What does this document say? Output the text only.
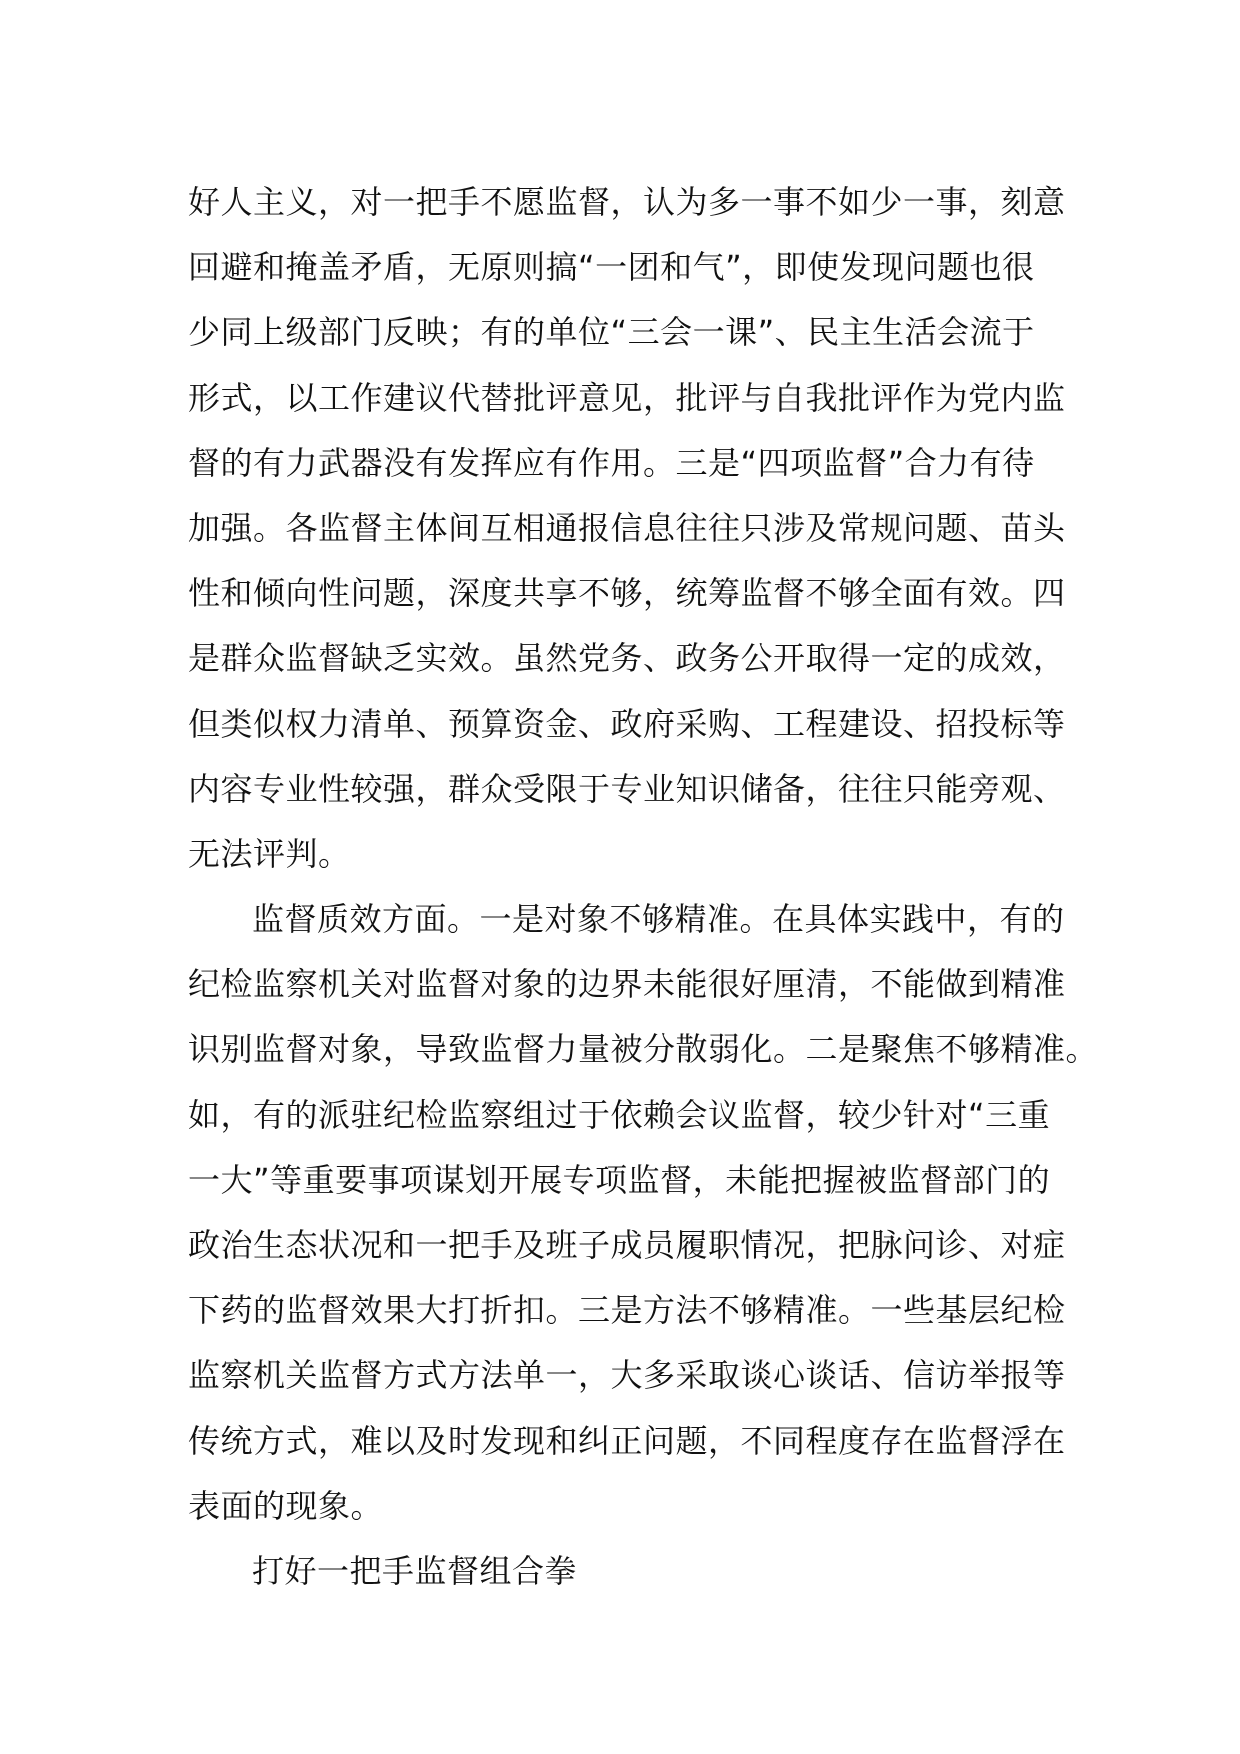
好人主义，对一把手不愿监督，认为多一事不如少一事，刻意
回避和掩盖矛盾，无原则搞“一团和气”，即使发现问题也很
少同上级部门反映；有的单位“三会一课”、民主生活会流于
形式，以工作建议代替批评意见，批评与自我批评作为党内监
督的有力武器没有发挥应有作用。三是“四项监督”合力有待
加强。各监督主体间互相通报信息往往只涉及常规问题、苗头
性和倾向性问题，深度共享不够，统筹监督不够全面有效。四
是群众监督缺乏实效。虽然党务、政务公开取得一定的成效，
但类似权力清单、预算资金、政府采购、工程建设、招投标等
内容专业性较强，群众受限于专业知识储备，往往只能旁观、
无法评判。
监督质效方面。一是对象不够精准。在具体实践中，有的
纪检监察机关对监督对象的边界未能很好厘清，不能做到精准
识别监督对象，导致监督力量被分散弱化。二是聚焦不够精准。
如，有的派驻纪检监察组过于依赖会议监督，较少针对“三重
一大”等重要事项谋划开展专项监督，未能把握被监督部门的
政治生态状况和一把手及班子成员履职情况，把脉问诊、对症
下药的监督效果大打折扣。三是方法不够精准。一些基层纪检
监察机关监督方式方法单一，大多采取谈心谈话、信访举报等
传统方式，难以及时发现和纠正问题，不同程度存在监督浮在
表面的现象。
打好一把手监督组合拳
